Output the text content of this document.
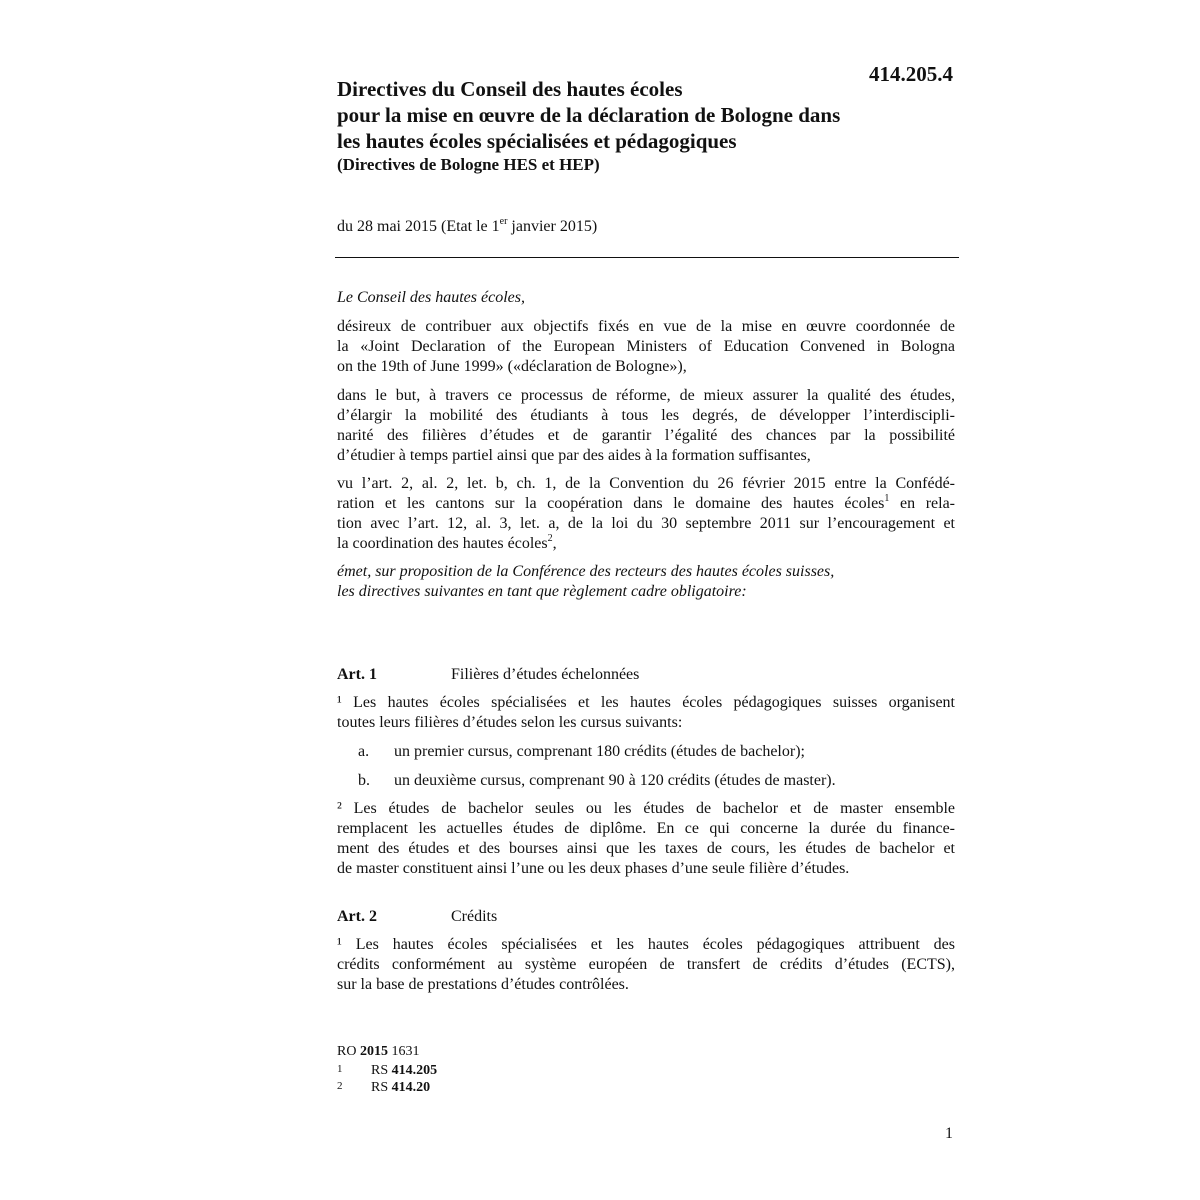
414.205.4
Directives du Conseil des hautes écoles
pour la mise en œuvre de la déclaration de Bologne dans
les hautes écoles spécialisées et pédagogiques
(Directives de Bologne HES et HEP)
du 28 mai 2015 (Etat le 1er janvier 2015)
Le Conseil des hautes écoles,
désireux de contribuer aux objectifs fixés en vue de la mise en œuvre coordonnée de
la «Joint Declaration of the European Ministers of Education Convened in Bologna
on the 19th of June 1999» («déclaration de Bologne»),
dans le but, à travers ce processus de réforme, de mieux assurer la qualité des études,
d’élargir la mobilité des étudiants à tous les degrés, de développer l’interdiscipli-
narité des filières d’études et de garantir l’égalité des chances par la possibilité
d’étudier à temps partiel ainsi que par des aides à la formation suffisantes,
vu l’art. 2, al. 2, let. b, ch. 1, de la Convention du 26 février 2015 entre la Confédé-
ration et les cantons sur la coopération dans le domaine des hautes écoles$^1$ en rela-
tion avec l’art. 12, al. 3, let. a, de la loi du 30 septembre 2011 sur l’encouragement et
la coordination des hautes écoles$^2$,
émet, sur proposition de la Conférence des recteurs des hautes écoles suisses,
les directives suivantes en tant que règlement cadre obligatoire:
Art. 1	Filières d’études échelonnées
¹ Les hautes écoles spécialisées et les hautes écoles pédagogiques suisses organisent
toutes leurs filières d’études selon les cursus suivants:
a. un premier cursus, comprenant 180 crédits (études de bachelor);
b. un deuxième cursus, comprenant 90 à 120 crédits (études de master).
² Les études de bachelor seules ou les études de bachelor et de master ensemble
remplacent les actuelles études de diplôme. En ce qui concerne la durée du finance-
ment des études et des bourses ainsi que les taxes de cours, les études de bachelor et
de master constituent ainsi l’une ou les deux phases d’une seule filière d’études.
Art. 2	Crédits
¹ Les hautes écoles spécialisées et les hautes écoles pédagogiques attribuent des
crédits conformément au système européen de transfert de crédits d’études (ECTS),
sur la base de prestations d’études contrôlées.
RO 2015 1631
1 RS 414.205
2 RS 414.20
1
